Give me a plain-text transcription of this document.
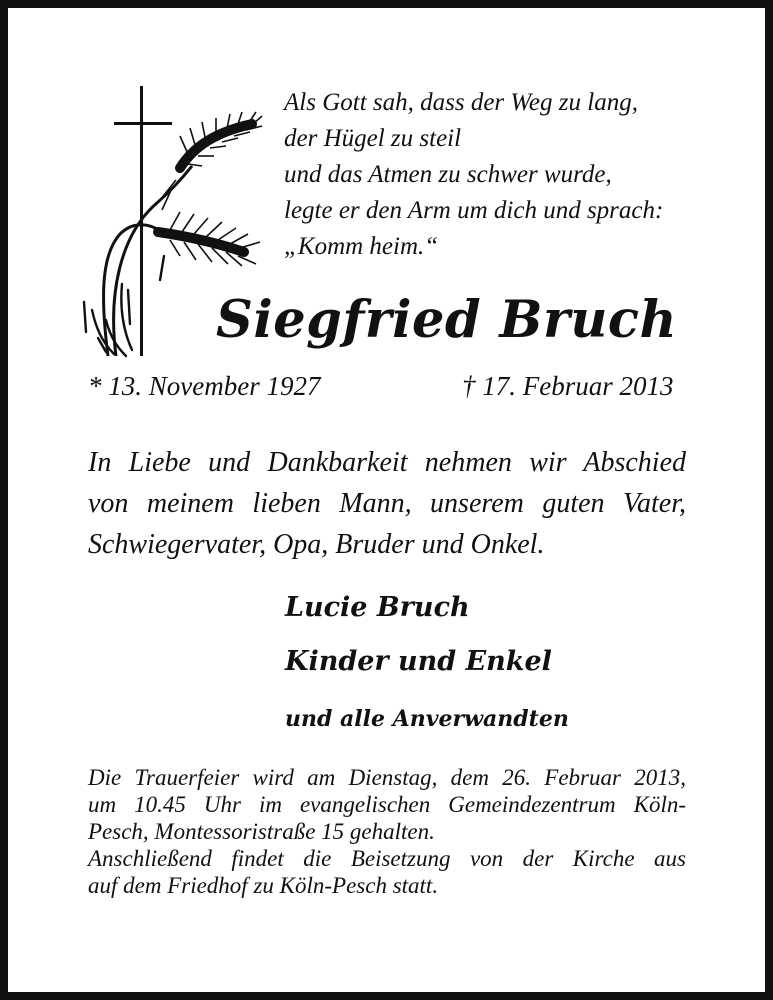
Als Gott sah, dass der Weg zu lang,
der Hügel zu steil
und das Atmen zu schwer wurde,
legte er den Arm um dich und sprach:
„Komm heim.“
Siegfried Bruch
* 13. November 1927	† 17. Februar 2013
In Liebe und Dankbarkeit nehmen wir Abschied
von meinem lieben Mann, unserem guten Vater,
Schwiegervater, Opa, Bruder und Onkel.
Lucie Bruch
Kinder und Enkel
und alle Anverwandten
Die Trauerfeier wird am Dienstag, dem 26. Februar 2013,
um 10.45 Uhr im evangelischen Gemeindezentrum Köln-
Pesch, Montessoristraße 15 gehalten.
Anschließend findet die Beisetzung von der Kirche aus
auf dem Friedhof zu Köln-Pesch statt.
